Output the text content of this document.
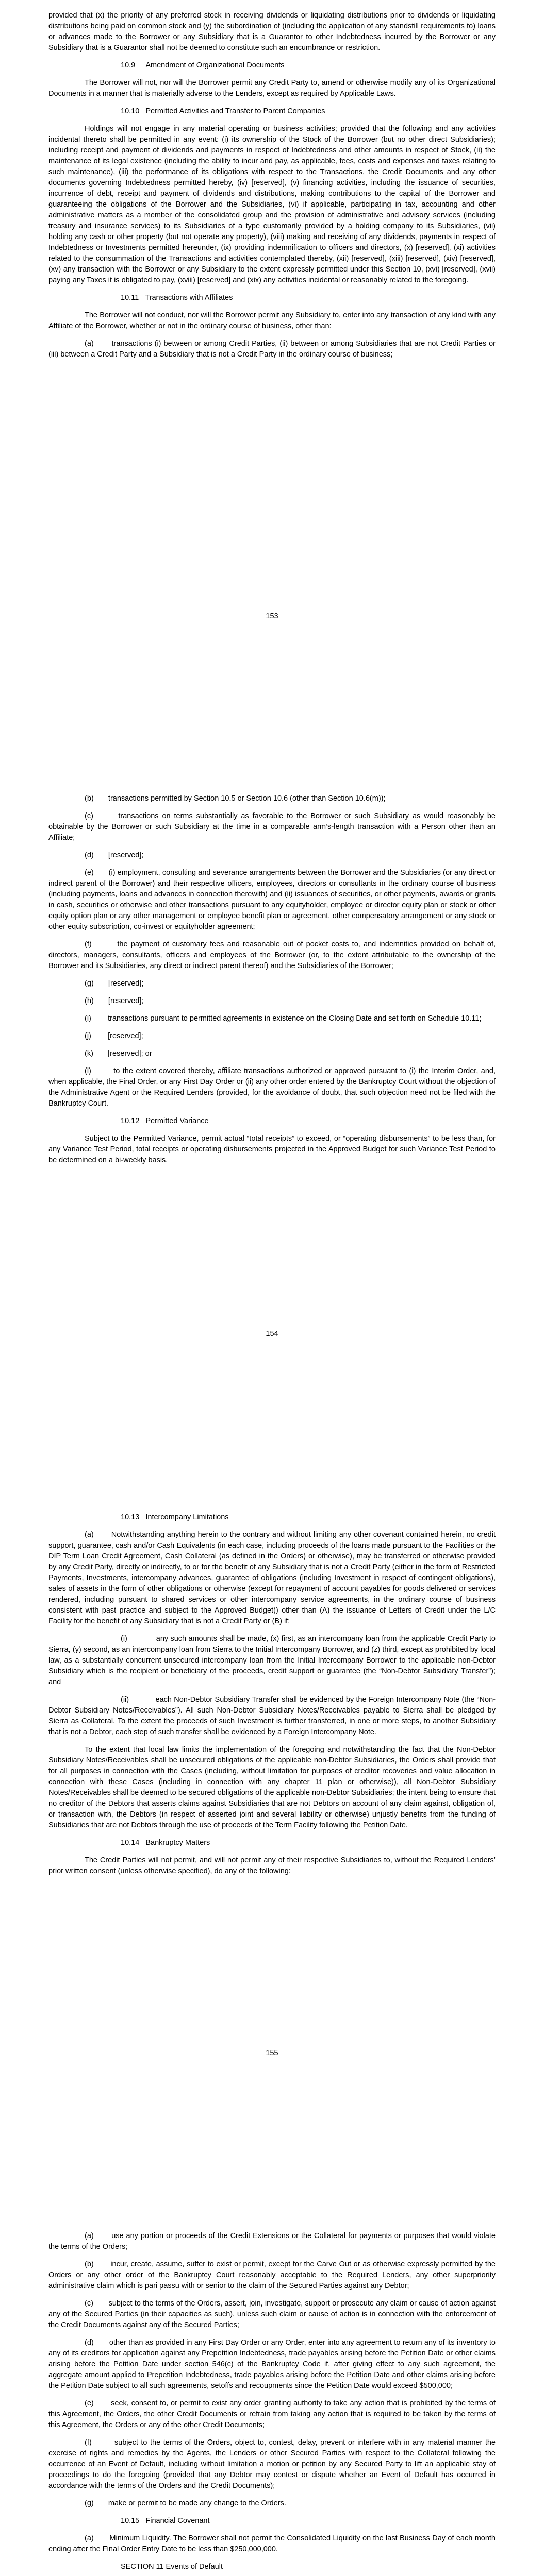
provided that (x) the priority of any preferred stock in receiving dividends or liquidating distributions prior to dividends or liquidating distributions being paid on common stock and (y) the subordination of (including the application of any standstill requirements to) loans or advances made to the Borrower or any Subsidiary that is a Guarantor to other Indebtedness incurred by the Borrower or any Subsidiary that is a Guarantor shall not be deemed to constitute such an encumbrance or restriction.

10.9     Amendment of Organizational Documents

The Borrower will not, nor will the Borrower permit any Credit Party to, amend or otherwise modify any of its Organizational Documents in a manner that is materially adverse to the Lenders, except as required by Applicable Laws.

10.10   Permitted Activities and Transfer to Parent Companies

Holdings will not engage in any material operating or business activities; provided that the following and any activities incidental thereto shall be permitted in any event: (i) its ownership of the Stock of the Borrower (but no other direct Subsidiaries); including receipt and payment of dividends and payments in respect of Indebtedness and other amounts in respect of Stock, (ii) the maintenance of its legal existence (including the ability to incur and pay, as applicable, fees, costs and expenses and taxes relating to such maintenance), (iii) the performance of its obligations with respect to the Transactions, the Credit Documents and any other documents governing Indebtedness permitted hereby, (iv) [reserved], (v) financing activities, including the issuance of securities, incurrence of debt, receipt and payment of dividends and distributions, making contributions to the capital of the Borrower and guaranteeing the obligations of the Borrower and the Subsidiaries, (vi) if applicable, participating in tax, accounting and other administrative matters as a member of the consolidated group and the provision of administrative and advisory services (including treasury and insurance services) to its Subsidiaries of a type customarily provided by a holding company to its Subsidiaries, (vii) holding any cash or other property (but not operate any property), (viii) making and receiving of any dividends, payments in respect of Indebtedness or Investments permitted hereunder, (ix) providing indemnification to officers and directors, (x) [reserved], (xi) activities related to the consummation of the Transactions and activities contemplated thereby, (xii) [reserved], (xiii) [reserved], (xiv) [reserved], (xv) any transaction with the Borrower or any Subsidiary to the extent expressly permitted under this Section 10, (xvi) [reserved], (xvii) paying any Taxes it is obligated to pay, (xviii) [reserved] and (xix) any activities incidental or reasonably related to the foregoing.

10.11   Transactions with Affiliates

The Borrower will not conduct, nor will the Borrower permit any Subsidiary to, enter into any transaction of any kind with any Affiliate of the Borrower, whether or not in the ordinary course of business, other than:

(a)       transactions (i) between or among Credit Parties, (ii) between or among Subsidiaries that are not Credit Parties or (iii) between a Credit Party and a Subsidiary that is not a Credit Party in the ordinary course of business;

153

(b)       transactions permitted by Section 10.5 or Section 10.6 (other than Section 10.6(m));

(c)       transactions on terms substantially as favorable to the Borrower or such Subsidiary as would reasonably be obtainable by the Borrower or such Subsidiary at the time in a comparable arm’s-length transaction with a Person other than an Affiliate;

(d)       [reserved];

(e)       (i) employment, consulting and severance arrangements between the Borrower and the Subsidiaries (or any direct or indirect parent of the Borrower) and their respective officers, employees, directors or consultants in the ordinary course of business (including payments, loans and advances in connection therewith) and (ii) issuances of securities, or other payments, awards or grants in cash, securities or otherwise and other transactions pursuant to any equityholder, employee or director equity plan or stock or other equity option plan or any other management or employee benefit plan or agreement, other compensatory arrangement or any stock or other equity subscription, co-invest or equityholder agreement;

(f)        the payment of customary fees and reasonable out of pocket costs to, and indemnities provided on behalf of, directors, managers, consultants, officers and employees of the Borrower (or, to the extent attributable to the ownership of the Borrower and its Subsidiaries, any direct or indirect parent thereof) and the Subsidiaries of the Borrower;

(g)       [reserved];

(h)       [reserved];

(i)        transactions pursuant to permitted agreements in existence on the Closing Date and set forth on Schedule 10.11;

(j)        [reserved];

(k)       [reserved]; or

(l)        to the extent covered thereby, affiliate transactions authorized or approved pursuant to (i) the Interim Order, and, when applicable, the Final Order, or any First Day Order or (ii) any other order entered by the Bankruptcy Court without the objection of the Administrative Agent or the Required Lenders (provided, for the avoidance of doubt, that such objection need not be filed with the Bankruptcy Court.

10.12   Permitted Variance

Subject to the Permitted Variance, permit actual “total receipts” to exceed, or “operating disbursements” to be less than, for any Variance Test Period, total receipts or operating disbursements projected in the Approved Budget for such Variance Test Period to be determined on a bi-weekly basis.

154

10.13   Intercompany Limitations

(a)       Notwithstanding anything herein to the contrary and without limiting any other covenant contained herein, no credit support, guarantee, cash and/or Cash Equivalents (in each case, including proceeds of the loans made pursuant to the Facilities or the DIP Term Loan Credit Agreement, Cash Collateral (as defined in the Orders) or otherwise), may be transferred or otherwise provided by any Credit Party, directly or indirectly, to or for the benefit of any Subsidiary that is not a Credit Party (either in the form of Restricted Payments, Investments, intercompany advances, guarantee of obligations (including Investment in respect of contingent obligations), sales of assets in the form of other obligations or otherwise (except for repayment of account payables for goods delivered or services rendered, including pursuant to shared services or other intercompany service agreements, in the ordinary course of business consistent with past practice and subject to the Approved Budget)) other than (A) the issuance of Letters of Credit under the L/C Facility for the benefit of any Subsidiary that is not a Credit Party or (B) if:

(i)             any such amounts shall be made, (x) first, as an intercompany loan from the applicable Credit Party to Sierra, (y) second, as an intercompany loan from Sierra to the Initial Intercompany Borrower, and (z) third, except as prohibited by local law, as a substantially concurrent unsecured intercompany loan from the Initial Intercompany Borrower to the applicable non-Debtor Subsidiary which is the recipient or beneficiary of the proceeds, credit support or guarantee (the “Non-Debtor Subsidiary Transfer”); and

(ii)            each Non-Debtor Subsidiary Transfer shall be evidenced by the Foreign Intercompany Note (the “Non-Debtor Subsidiary Notes/Receivables”). All such Non-Debtor Subsidiary Notes/Receivables payable to Sierra shall be pledged by Sierra as Collateral. To the extent the proceeds of such Investment is further transferred, in one or more steps, to another Subsidiary that is not a Debtor, each step of such transfer shall be evidenced by a Foreign Intercompany Note.

To the extent that local law limits the implementation of the foregoing and notwithstanding the fact that the Non-Debtor Subsidiary Notes/Receivables shall be unsecured obligations of the applicable non-Debtor Subsidiaries, the Orders shall provide that for all purposes in connection with the Cases (including, without limitation for purposes of creditor recoveries and value allocation in connection with these Cases (including in connection with any chapter 11 plan or otherwise)), all Non-Debtor Subsidiary Notes/Receivables shall be deemed to be secured obligations of the applicable non-Debtor Subsidiaries; the intent being to ensure that no creditor of the Debtors that asserts claims against Subsidiaries that are not Debtors on account of any claim against, obligation of, or transaction with, the Debtors (in respect of asserted joint and several liability or otherwise) unjustly benefits from the funding of Subsidiaries that are not Debtors through the use of proceeds of the Term Facility following the Petition Date.

10.14   Bankruptcy Matters

The Credit Parties will not permit, and will not permit any of their respective Subsidiaries to, without the Required Lenders’ prior written consent (unless otherwise specified), do any of the following:

155

(a)       use any portion or proceeds of the Credit Extensions or the Collateral for payments or purposes that would violate the terms of the Orders;

(b)       incur, create, assume, suffer to exist or permit, except for the Carve Out or as otherwise expressly permitted by the Orders or any other order of the Bankruptcy Court reasonably acceptable to the Required Lenders, any other superpriority administrative claim which is pari passu with or senior to the claim of the Secured Parties against any Debtor;

(c)       subject to the terms of the Orders, assert, join, investigate, support or prosecute any claim or cause of action against any of the Secured Parties (in their capacities as such), unless such claim or cause of action is in connection with the enforcement of the Credit Documents against any of the Secured Parties;

(d)       other than as provided in any First Day Order or any Order, enter into any agreement to return any of its inventory to any of its creditors for application against any Prepetition Indebtedness, trade payables arising before the Petition Date or other claims arising before the Petition Date under section 546(c) of the Bankruptcy Code if, after giving effect to any such agreement, the aggregate amount applied to Prepetition Indebtedness, trade payables arising before the Petition Date and other claims arising before the Petition Date subject to all such agreements, setoffs and recoupments since the Petition Date would exceed $500,000;

(e)       seek, consent to, or permit to exist any order granting authority to take any action that is prohibited by the terms of this Agreement, the Orders, the other Credit Documents or refrain from taking any action that is required to be taken by the terms of this Agreement, the Orders or any of the other Credit Documents;

(f)        subject to the terms of the Orders, object to, contest, delay, prevent or interfere with in any material manner the exercise of rights and remedies by the Agents, the Lenders or other Secured Parties with respect to the Collateral following the occurrence of an Event of Default, including without limitation a motion or petition by any Secured Party to lift an applicable stay of proceedings to do the foregoing (provided that any Debtor may contest or dispute whether an Event of Default has occurred in accordance with the terms of the Orders and the Credit Documents);

(g)       make or permit to be made any change to the Orders.

10.15   Financial Covenant

(a)       Minimum Liquidity. The Borrower shall not permit the Consolidated Liquidity on the last Business Day of each month ending after the Final Order Entry Date to be less than $250,000,000.

SECTION 11 Events of Default
